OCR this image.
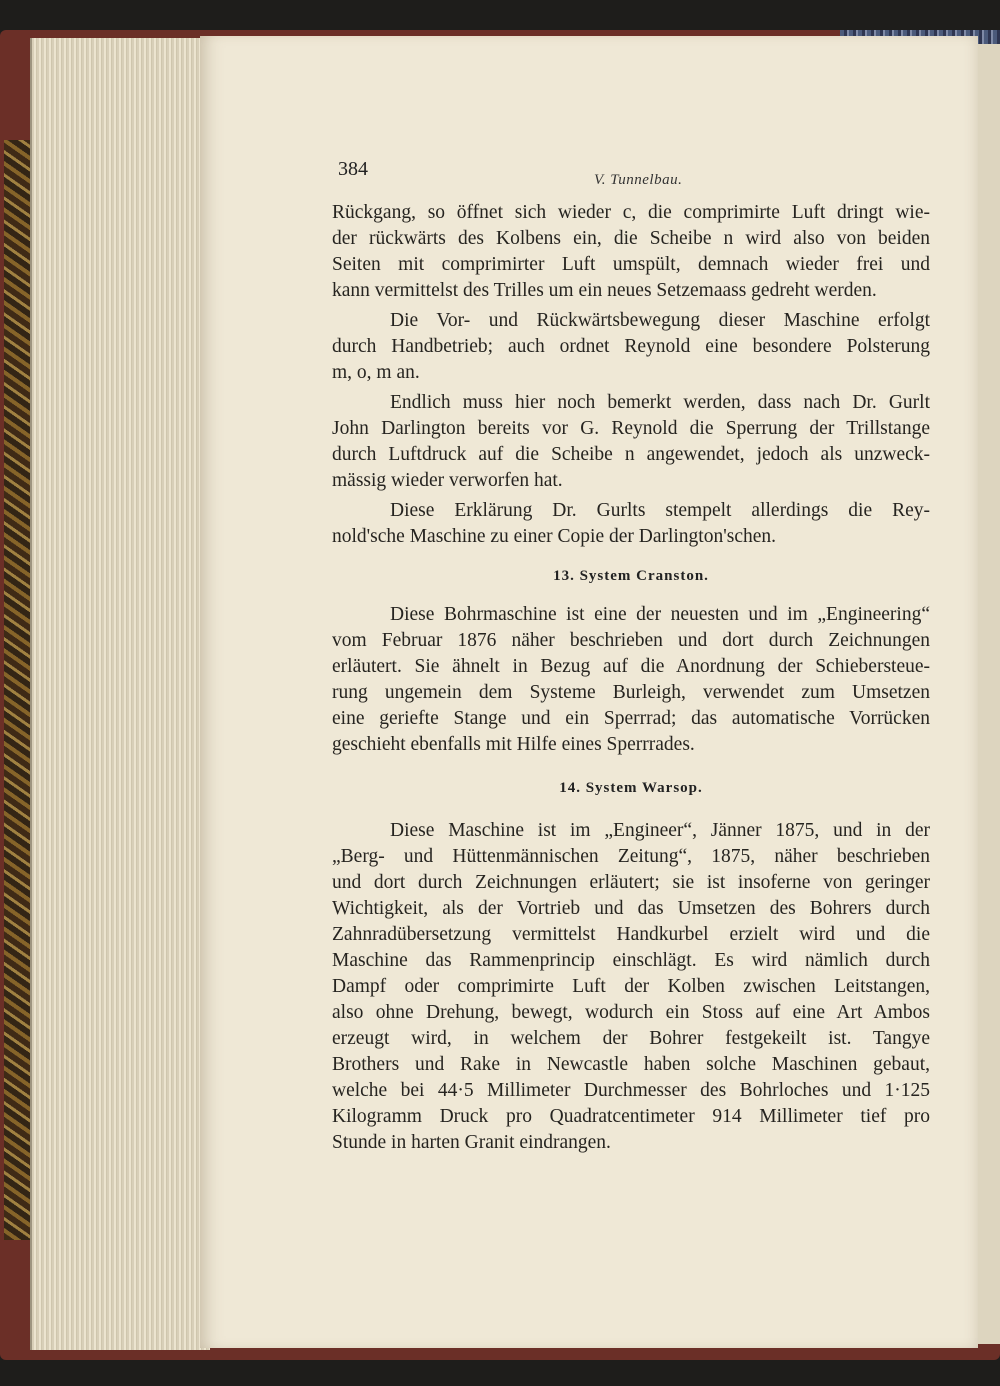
384	V. Tunnelbau.
Rückgang, so öffnet sich wieder c, die comprimirte Luft dringt wie-
der rückwärts des Kolbens ein, die Scheibe n wird also von beiden
Seiten mit comprimirter Luft umspült, demnach wieder frei und
kann vermittelst des Trilles um ein neues Setzemaass gedreht werden.
Die Vor- und Rückwärtsbewegung dieser Maschine erfolgt
durch Handbetrieb; auch ordnet Reynold eine besondere Polsterung
m, o, m an.
Endlich muss hier noch bemerkt werden, dass nach Dr. Gurlt
John Darlington bereits vor G. Reynold die Sperrung der Trillstange
durch Luftdruck auf die Scheibe n angewendet, jedoch als unzweck-
mässig wieder verworfen hat.
Diese Erklärung Dr. Gurlts stempelt allerdings die Rey-
nold'sche Maschine zu einer Copie der Darlington'schen.
13. System Cranston.
Diese Bohrmaschine ist eine der neuesten und im „Engineering“
vom Februar 1876 näher beschrieben und dort durch Zeichnungen
erläutert. Sie ähnelt in Bezug auf die Anordnung der Schiebersteue-
rung ungemein dem Systeme Burleigh, verwendet zum Umsetzen
eine geriefte Stange und ein Sperrrad; das automatische Vorrücken
geschieht ebenfalls mit Hilfe eines Sperrrades.
14. System Warsop.
Diese Maschine ist im „Engineer“, Jänner 1875, und in der
„Berg- und Hüttenmännischen Zeitung“, 1875, näher beschrieben
und dort durch Zeichnungen erläutert; sie ist insoferne von geringer
Wichtigkeit, als der Vortrieb und das Umsetzen des Bohrers durch
Zahnradübersetzung vermittelst Handkurbel erzielt wird und die
Maschine das Rammenprincip einschlägt. Es wird nämlich durch
Dampf oder comprimirte Luft der Kolben zwischen Leitstangen,
also ohne Drehung, bewegt, wodurch ein Stoss auf eine Art Ambos
erzeugt wird, in welchem der Bohrer festgekeilt ist. Tangye
Brothers und Rake in Newcastle haben solche Maschinen gebaut,
welche bei 44·5 Millimeter Durchmesser des Bohrloches und 1·125
Kilogramm Druck pro Quadratcentimeter 914 Millimeter tief pro
Stunde in harten Granit eindrangen.
